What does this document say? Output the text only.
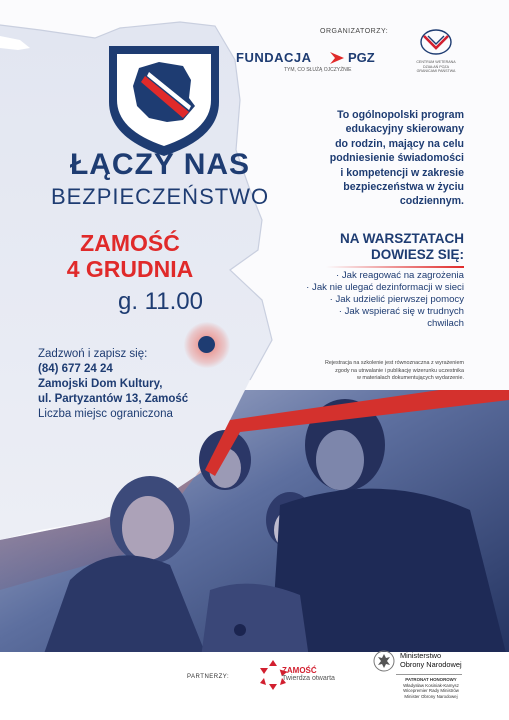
ŁĄCZY NAS
BEZPIECZEŃSTWO
ZAMOŚĆ
4 GRUDNIA
g. 11.00
Zadzwoń i zapisz się:
(84) 677 24 24
Zamojski Dom Kultury,
ul. Partyzantów 13, Zamość
Liczba miejsc ograniczona
ORGANIZATORZY:
FUNDACJA	PGZ
TYM, CO SŁUŻĄ OJCZYŹNIE
CENTRUM WETERANA
DZIAŁAŃ POZA
GRANICAMI PAŃSTWA
To ogólnopolski program
edukacyjny skierowany
do rodzin, mający na celu
podniesienie świadomości
i kompetencji w zakresie
bezpieczeństwa w życiu
codziennym.
NA WARSZTATACH
DOWIESZ SIĘ:
· Jak reagować na zagrożenia
· Jak nie ulegać dezinformacji w sieci
· Jak udzielić pierwszej pomocy
· Jak wspierać się w trudnych
chwilach
Rejestracja na szkolenie jest równoznaczna z wyrażeniem
zgody na utrwalanie i publikację wizerunku uczestnika
w materiałach dokumentujących wydarzenie.
PARTNERZY:
ZAMOŚĆ
Twierdza otwarta
Ministerstwo
Obrony Narodowej
PATRONAT HONOROWY
Władysław Kosiniak-Kamysz
Wicepremier Rady Ministrów
Minister Obrony Narodowej
